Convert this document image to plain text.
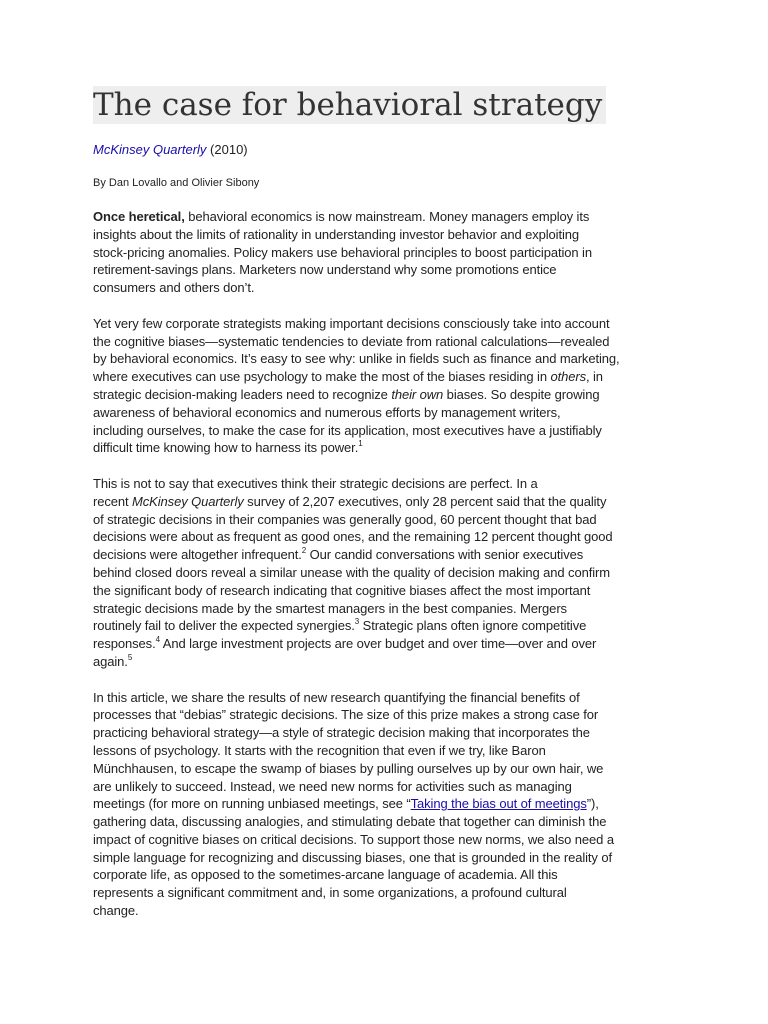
The case for behavioral strategy
McKinsey Quarterly (2010)
By Dan Lovallo and Olivier Sibony

Once heretical, behavioral economics is now mainstream. Money managers employ its
insights about the limits of rationality in understanding investor behavior and exploiting
stock-pricing anomalies. Policy makers use behavioral principles to boost participation in
retirement-savings plans. Marketers now understand why some promotions entice
consumers and others don’t.

Yet very few corporate strategists making important decisions consciously take into account
the cognitive biases—systematic tendencies to deviate from rational calculations—revealed
by behavioral economics. It’s easy to see why: unlike in fields such as finance and marketing,
where executives can use psychology to make the most of the biases residing in others, in
strategic decision-making leaders need to recognize their own biases. So despite growing
awareness of behavioral economics and numerous efforts by management writers,
including ourselves, to make the case for its application, most executives have a justifiably
difficult time knowing how to harness its power.$^1$

This is not to say that executives think their strategic decisions are perfect. In a
recent McKinsey Quarterly survey of 2,207 executives, only 28 percent said that the quality
of strategic decisions in their companies was generally good, 60 percent thought that bad
decisions were about as frequent as good ones, and the remaining 12 percent thought good
decisions were altogether infrequent.$^2$ Our candid conversations with senior executives
behind closed doors reveal a similar unease with the quality of decision making and confirm
the significant body of research indicating that cognitive biases affect the most important
strategic decisions made by the smartest managers in the best companies. Mergers
routinely fail to deliver the expected synergies.$^3$ Strategic plans often ignore competitive
responses.$^4$ And large investment projects are over budget and over time—over and over
again.$^5$

In this article, we share the results of new research quantifying the financial benefits of
processes that “debias” strategic decisions. The size of this prize makes a strong case for
practicing behavioral strategy—a style of strategic decision making that incorporates the
lessons of psychology. It starts with the recognition that even if we try, like Baron
Münchhausen, to escape the swamp of biases by pulling ourselves up by our own hair, we
are unlikely to succeed. Instead, we need new norms for activities such as managing
meetings (for more on running unbiased meetings, see “Taking the bias out of meetings”),
gathering data, discussing analogies, and stimulating debate that together can diminish the
impact of cognitive biases on critical decisions. To support those new norms, we also need a
simple language for recognizing and discussing biases, one that is grounded in the reality of
corporate life, as opposed to the sometimes-arcane language of academia. All this
represents a significant commitment and, in some organizations, a profound cultural
change.
